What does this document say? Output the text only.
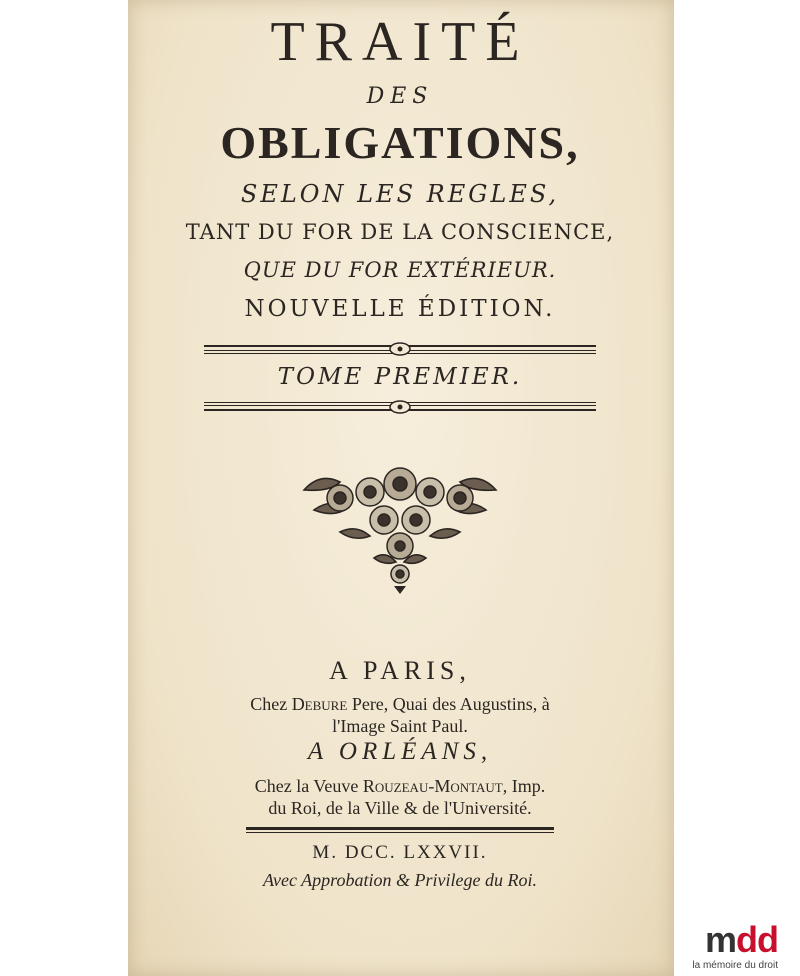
TRAITÉ
DES
OBLIGATIONS,
SELON LES REGLES,
TANT DU FOR DE LA CONSCIENCE,
QUE DU FOR EXTÉRIEUR.
NOUVELLE ÉDITION.
TOME PREMIER.
A PARIS,
Chez Debure Pere, Quai des Augustins, à
l'Image Saint Paul.
A ORLÉANS,
Chez la Veuve Rouzeau-Montaut, Imp.
du Roi, de la Ville & de l'Université.
M. DCC. LXXVII.
Avec Approbation & Privilege du Roi.
mdd
la mémoire du droit
